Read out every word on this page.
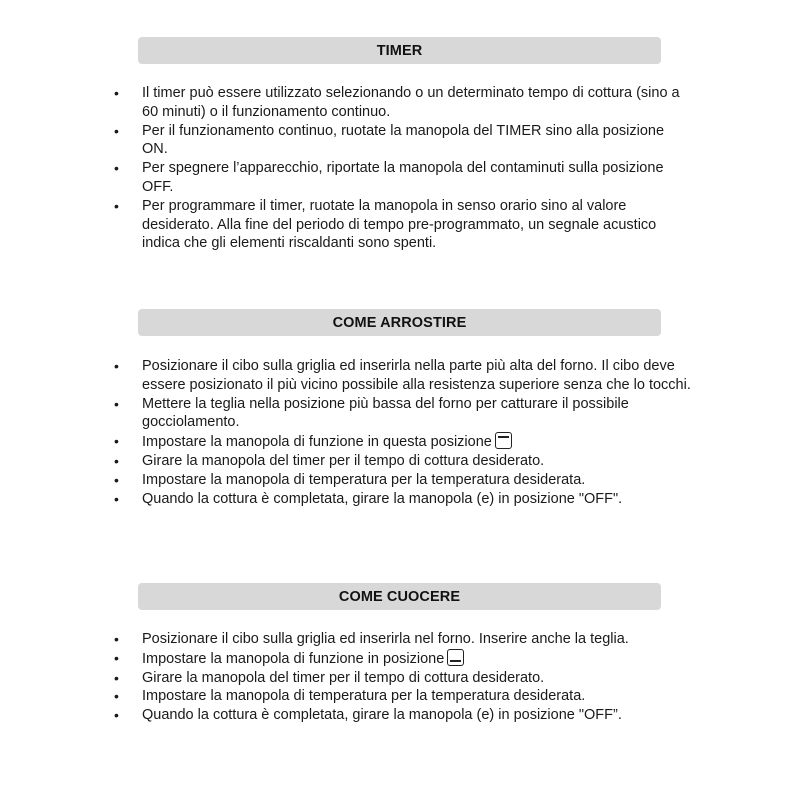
TIMER
• Il timer può essere utilizzato selezionando o un determinato tempo di cottura (sino a 60 minuti) o il funzionamento continuo.
• Per il funzionamento continuo, ruotate la manopola del TIMER sino alla posizione ON.
• Per spegnere l’apparecchio, riportate la manopola del contaminuti sulla posizione OFF.
• Per programmare il timer, ruotate la manopola in senso orario sino al valore desiderato. Alla fine del periodo di tempo pre-programmato, un segnale acustico indica che gli elementi riscaldanti sono spenti.
COME ARROSTIRE
• Posizionare il cibo sulla griglia ed inserirla nella parte più alta del forno. Il cibo deve essere posizionato il più vicino possibile alla resistenza superiore senza che lo tocchi.
• Mettere la teglia nella posizione più bassa del forno per catturare il possibile gocciolamento.
• Impostare la manopola di funzione in questa posizione
• Girare la manopola del timer per il tempo di cottura desiderato.
• Impostare la manopola di temperatura per la temperatura desiderata.
• Quando la cottura è completata, girare la manopola (e) in posizione "OFF".
COME CUOCERE
• Posizionare il cibo sulla griglia ed inserirla nel forno. Inserire anche la teglia.
• Impostare la manopola di funzione in posizione
• Girare la manopola del timer per il tempo di cottura desiderato.
• Impostare la manopola di temperatura per la temperatura desiderata.
• Quando la cottura è completata, girare la manopola (e) in posizione "OFF”.
